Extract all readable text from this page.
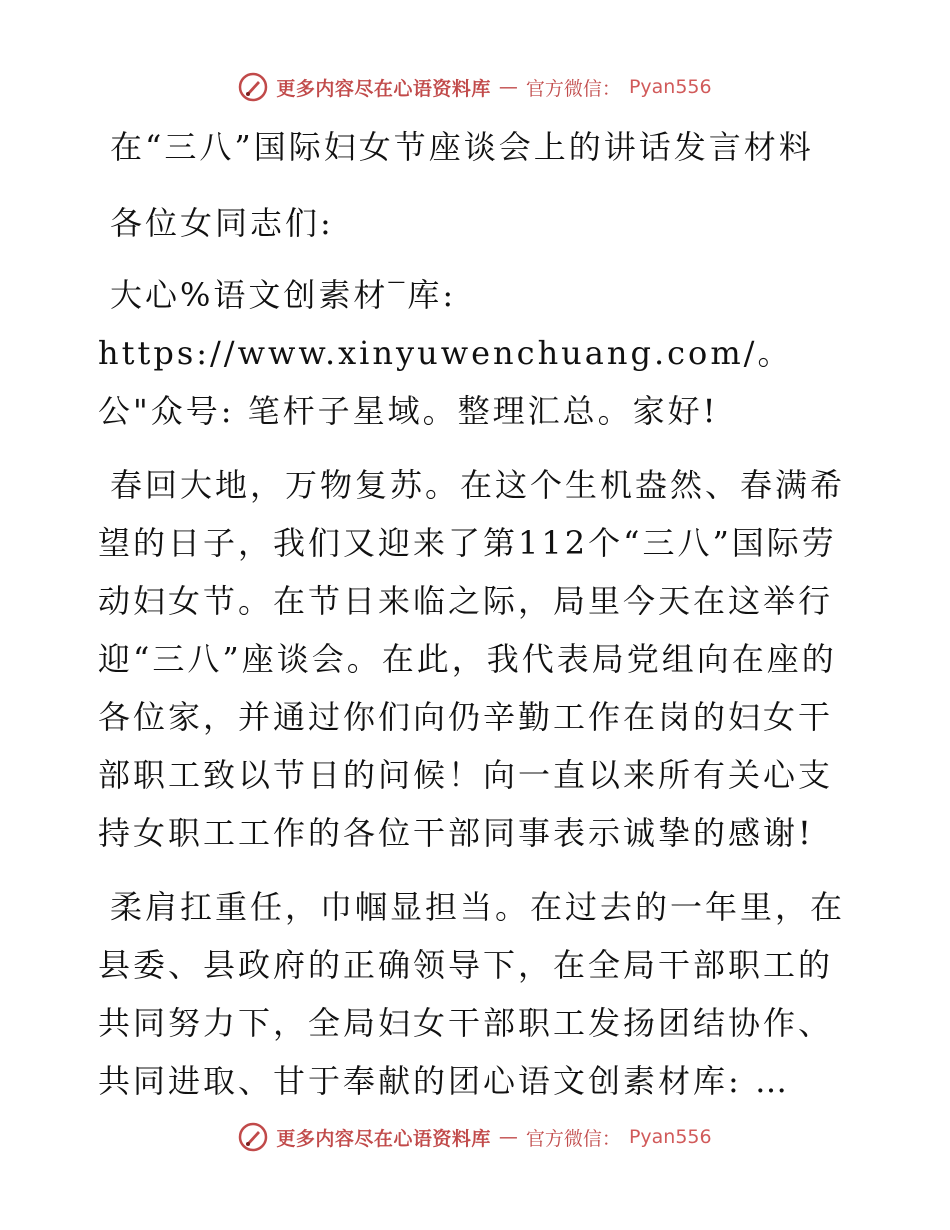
更多内容尽在心语资料库 — 官方微信： Pyan556

在“三八”国际妇女节座谈会上的讲话发言材料

各位女同志们:

大心%语文创素材‾库: https://www.xinyuwenchuang.com/。公"众号: 笔杆子星域。整理汇总。家好!

春回大地，万物复苏。在这个生机盎然、春满希望的日子，我们又迎来了第112个“三八”国际劳动妇女节。在节日来临之际，局里今天在这举行迎“三八”座谈会。在此，我代表局党组向在座的各位家，并通过你们向仍辛勤工作在岗的妇女干部职工致以节日的问候！向一直以来所有关心支持女职工工作的各位干部同事表示诚挚的感谢!

柔肩扛重任，巾帼显担当。在过去的一年里，在县委、县政府的正确领导下，在全局干部职工的共同努力下，全局妇女干部职工发扬团结协作、共同进取、甘于奉献的团心语文创素材库: …

更多内容尽在心语资料库 — 官方微信： Pyan556
